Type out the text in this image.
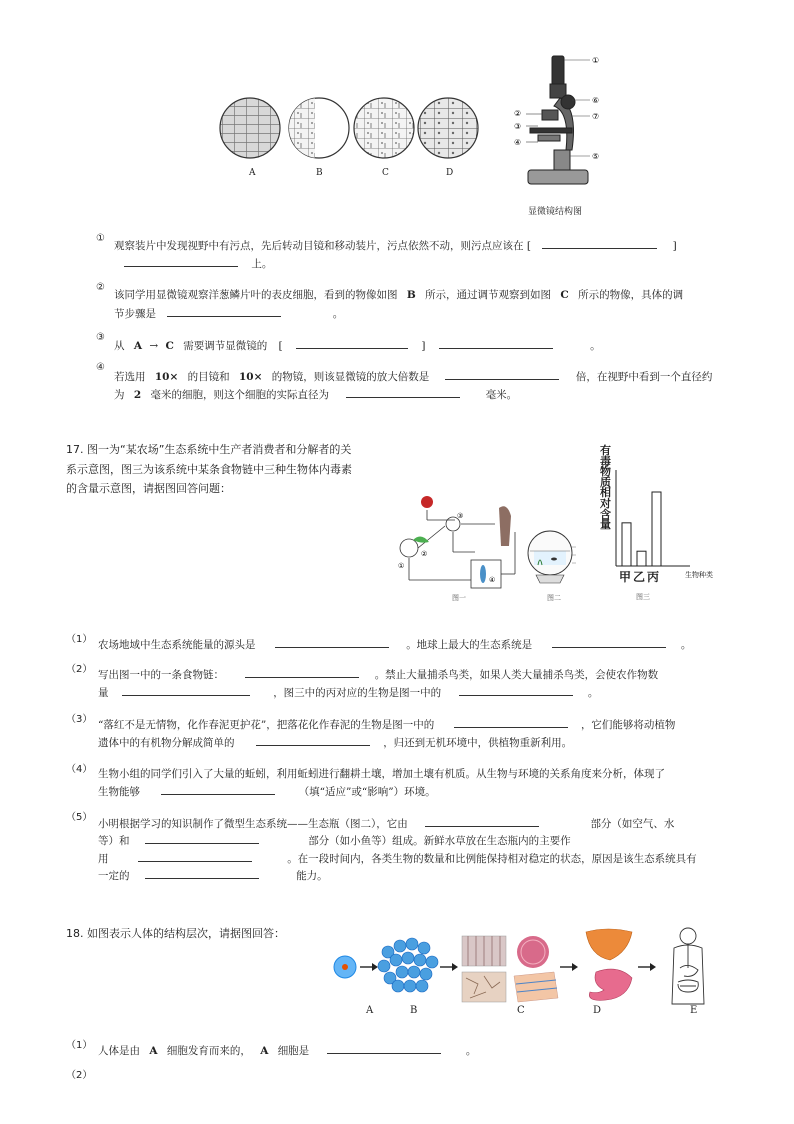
A	B	C	D
①
⑥
⑦
②
③
④
⑤
显微镜结构图
①
观察装片中发现视野中有污点，先后转动目镜和移动装片，污点依然不动，则污点应该在 [	]
上。
②
该同学用显微镜观察洋葱鳞片叶的表皮细胞，看到的物像如图 B 所示，通过调节观察到如图 C 所示的物像，具体的调
节步骤是	。
③
从 A → C 需要调节显微镜的 [	]	。
④
若选用 10× 的目镜和 10× 的物镜，则该显微镜的放大倍数是	倍，在视野中看到一个直径约
为 2 毫米的细胞，则这个细胞的实际直径为	毫米。
17. 图一为“某农场”生态系统中生产者消费者和分解者的关
系示意图，图三为该系统中某条食物链中三种生物体内毒素
的含量示意图，请据图回答问题：
③
①
②
④
图一	图二
有
毒
物
质
相
对
含
量
甲 乙 丙	生物种类
图三
（1） 农场地域中生态系统能量的源头是	。地球上最大的生态系统是	。
（2） 写出图一中的一条食物链：	。禁止大量捕杀鸟类，如果人类大量捕杀鸟类，会使农作物数
量	，图三中的丙对应的生物是图一中的	。
（3） “落红不是无情物，化作春泥更护花”，把落花化作春泥的生物是图一中的	，它们能够将动植物
遗体中的有机物分解成简单的	，归还到无机环境中，供植物重新利用。
（4） 生物小组的同学们引入了大量的蚯蚓，利用蚯蚓进行翻耕土壤，增加土壤有机质。从生物与环境的关系角度来分析，体现了
生物能够	（填“适应”或“影响”）环境。
（5）
小明根据学习的知识制作了微型生态系统——生态瓶（图二），它由	部分（如空气、水
等）和	部分（如小鱼等）组成。新鲜水草放在生态瓶内的主要作
用	。在一段时间内，各类生物的数量和比例能保持相对稳定的状态，原因是该生态系统具有
一定的	能力。
18. 如图表示人体的结构层次，请据图回答：
A	B	C	D	E
（1） 人体是由 A 细胞发育而来的， A 细胞是	。
（2）
